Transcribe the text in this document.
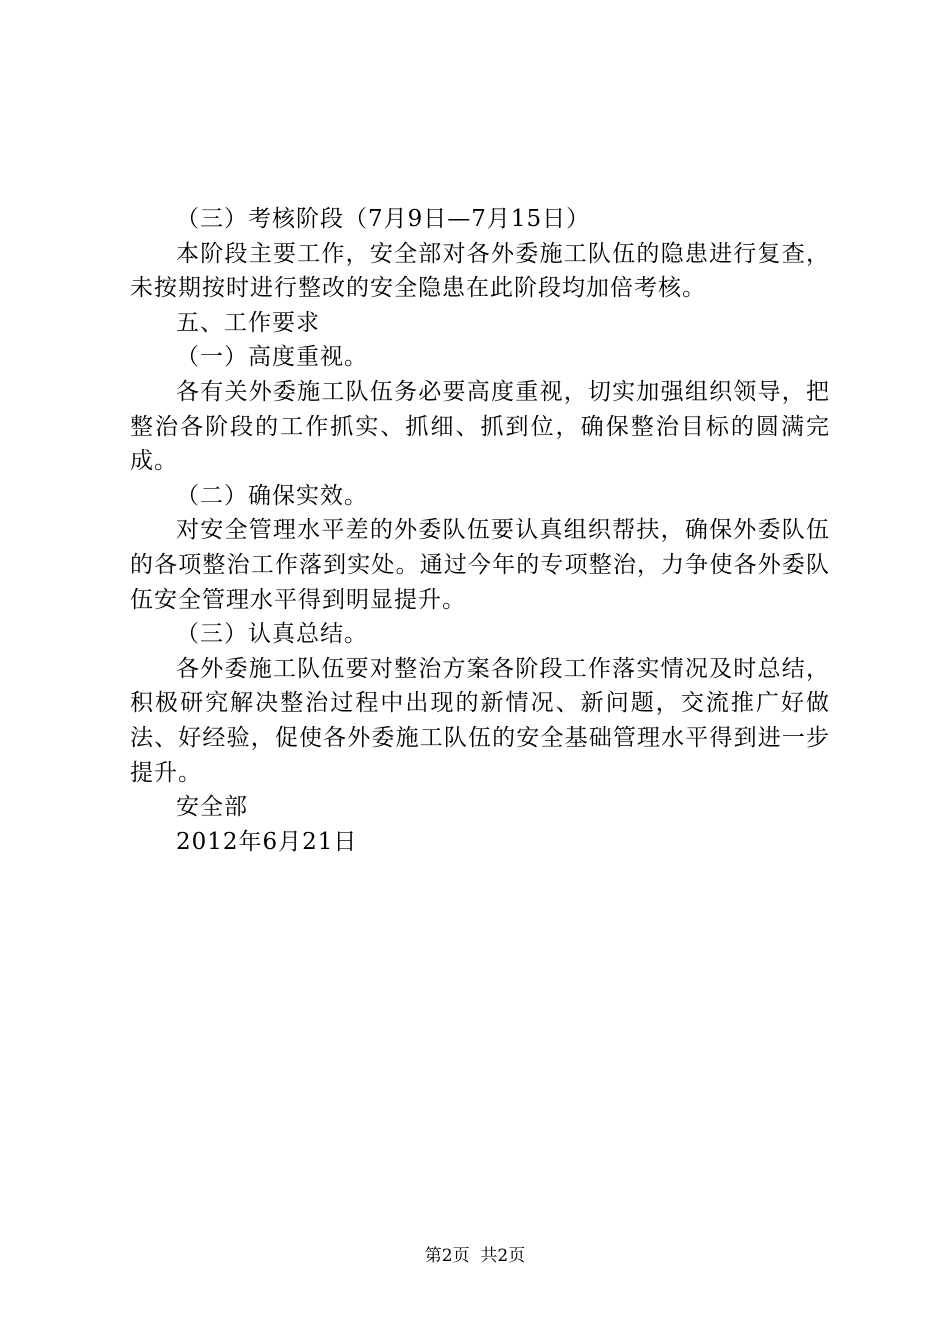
（三）考核阶段（7月9日—7月15日）

本阶段主要工作，安全部对各外委施工队伍的隐患进行复查，未按期按时进行整改的安全隐患在此阶段均加倍考核。

五、工作要求

（一）高度重视。

各有关外委施工队伍务必要高度重视，切实加强组织领导，把整治各阶段的工作抓实、抓细、抓到位，确保整治目标的圆满完成。

（二）确保实效。

对安全管理水平差的外委队伍要认真组织帮扶，确保外委队伍的各项整治工作落到实处。通过今年的专项整治，力争使各外委队伍安全管理水平得到明显提升。

（三）认真总结。

各外委施工队伍要对整治方案各阶段工作落实情况及时总结，积极研究解决整治过程中出现的新情况、新问题，交流推广好做法、好经验，促使各外委施工队伍的安全基础管理水平得到进一步提升。

安全部

2012年6月21日

第2页  共2页
